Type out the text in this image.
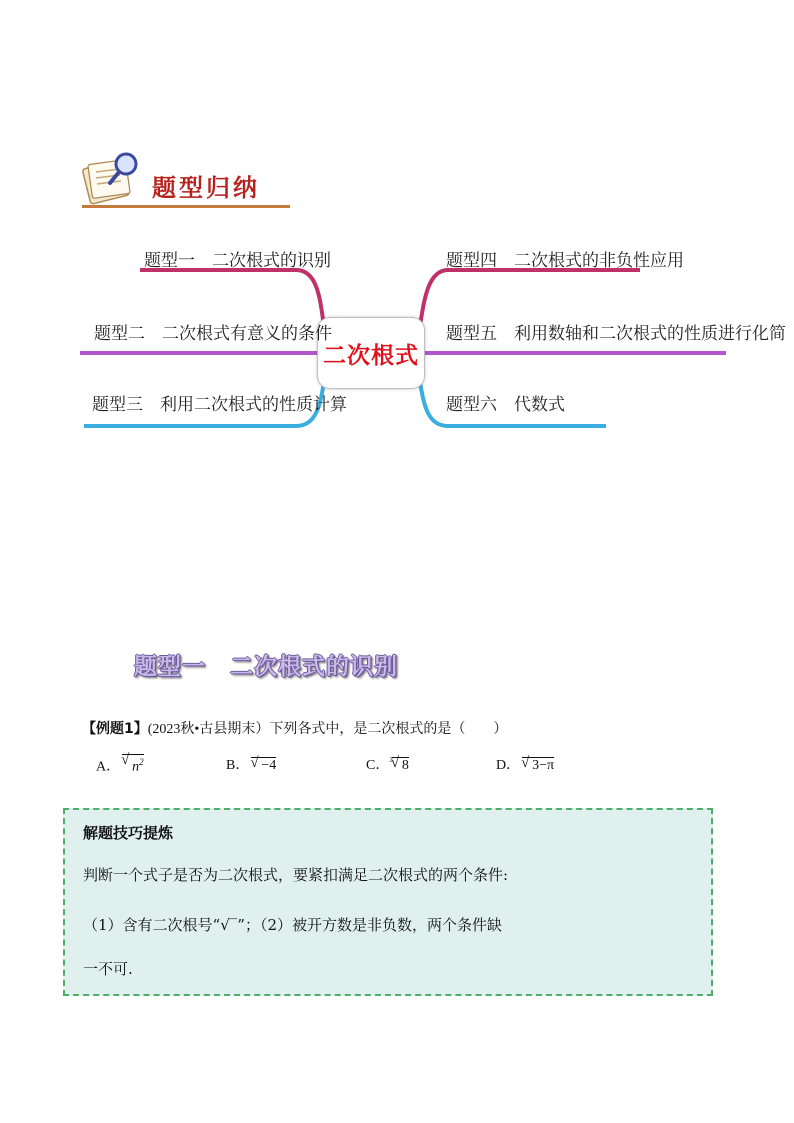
题型归纳
二次根式
题型一　二次根式的识别
题型二　二次根式有意义的条件
题型三　利用二次根式的性质计算
题型四　二次根式的非负性应用
题型五　利用数轴和二次根式的性质进行化简
题型六　代数式
题型一　二次根式的识别
【例题1】(2023秋•古县期末）下列各式中，是二次根式的是（　　）
A． √ $n^2$	B． √ −4	C．$^3$ √ 8	D． √ 3−π
解题技巧提炼
判断一个式子是否为二次根式，要紧扣满足二次根式的两个条件:
（1）含有二次根号“√‾”；（2）被开方数是非负数，两个条件缺
一不可.
